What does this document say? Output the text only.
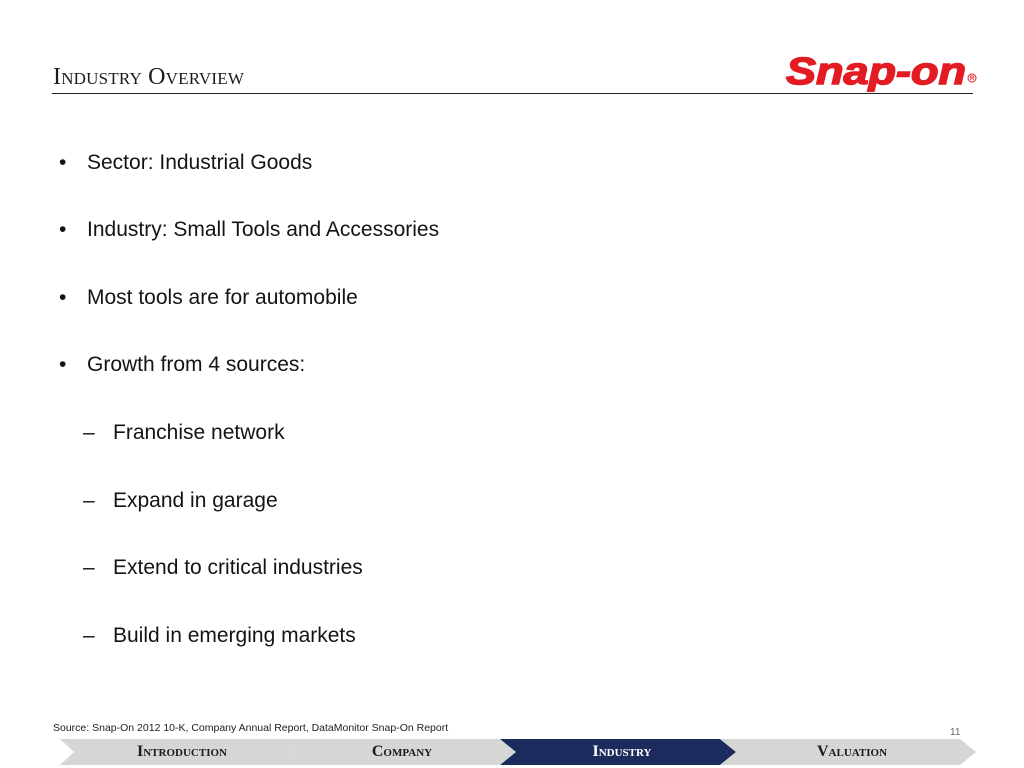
Industry Overview	Snap-on R
• Sector: Industrial Goods
• Industry: Small Tools and Accessories
• Most tools are for automobile
• Growth from 4 sources:
– Franchise network
– Expand in garage
– Extend to critical industries
– Build in emerging markets
Source: Snap-On 2012 10-K, Company Annual Report, DataMonitor Snap-On Report	11
Introduction	Company	Industry	Valuation
